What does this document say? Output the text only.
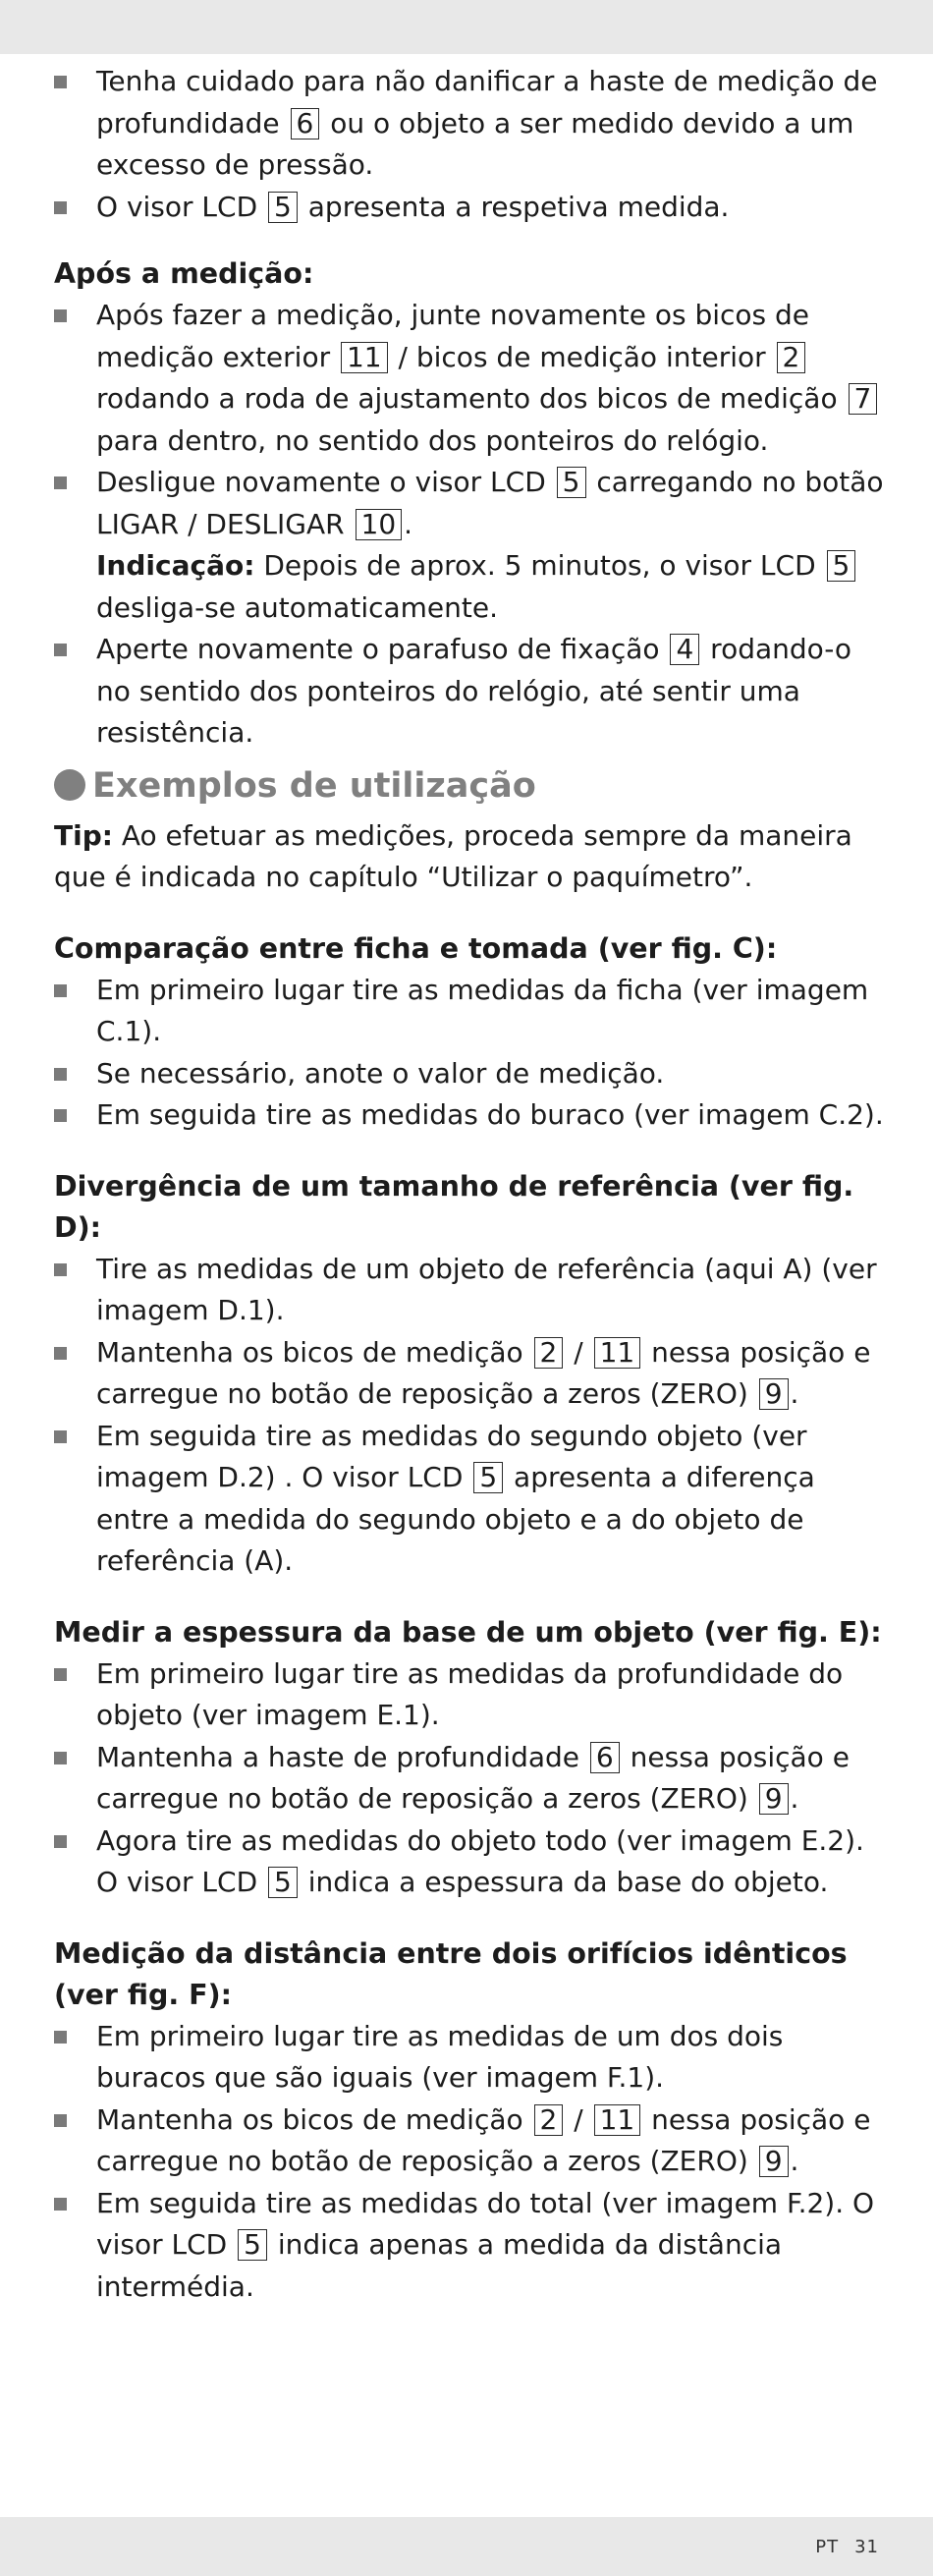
Tenha cuidado para não danificar a haste de medição de profundidade 6 ou o objeto a ser medido devido a um excesso de pressão.
O visor LCD 5 apresenta a respetiva medida.

Após a medição:

Após fazer a medição, junte novamente os bicos de medição exterior 11 / bicos de medição interior 2 rodando a roda de ajustamento dos bicos de medição 7 para dentro, no sentido dos ponteiros do relógio.
Desligue novamente o visor LCD 5 carregando no botão LIGAR / DESLIGAR 10 .
Indicação: Depois de aprox. 5 minutos, o visor LCD 5 desliga-se automaticamente.
Aperte novamente o parafuso de fixação 4 rodando-o no sentido dos ponteiros do relógio, até sentir uma resistência.
Exemplos de utilização

Tip: Ao efetuar as medições, proceda sempre da maneira que é indicada no capítulo “Utilizar o paquímetro”.

Comparação entre ficha e tomada (ver fig. C):

Em primeiro lugar tire as medidas da ficha (ver imagem C.1).
Se necessário, anote o valor de medição.
Em seguida tire as medidas do buraco (ver imagem C.2).

Divergência de um tamanho de referência (ver fig. D):

Tire as medidas de um objeto de referência (aqui A) (ver imagem D.1).
Mantenha os bicos de medição 2 / 11 nessa posição e carregue no botão de reposição a zeros (ZERO) 9 .
Em seguida tire as medidas do segundo objeto (ver imagem D.2) . O visor LCD 5 apresenta a diferença entre a medida do segundo objeto e a do objeto de referência (A).

Medir a espessura da base de um objeto (ver fig. E):

Em primeiro lugar tire as medidas da profundidade do objeto (ver imagem E.1).
Mantenha a haste de profundidade 6 nessa posição e carregue no botão de reposição a zeros (ZERO) 9 .
Agora tire as medidas do objeto todo (ver imagem E.2). O visor LCD 5 indica a espessura da base do objeto.

Medição da distância entre dois orifícios idênticos (ver fig. F):

Em primeiro lugar tire as medidas de um dos dois buracos que são iguais (ver imagem F.1).
Mantenha os bicos de medição 2 / 11 nessa posição e carregue no botão de reposição a zeros (ZERO) 9 .
Em seguida tire as medidas do total (ver imagem F.2). O visor LCD 5 indica apenas a medida da distância intermédia.
PT 31
